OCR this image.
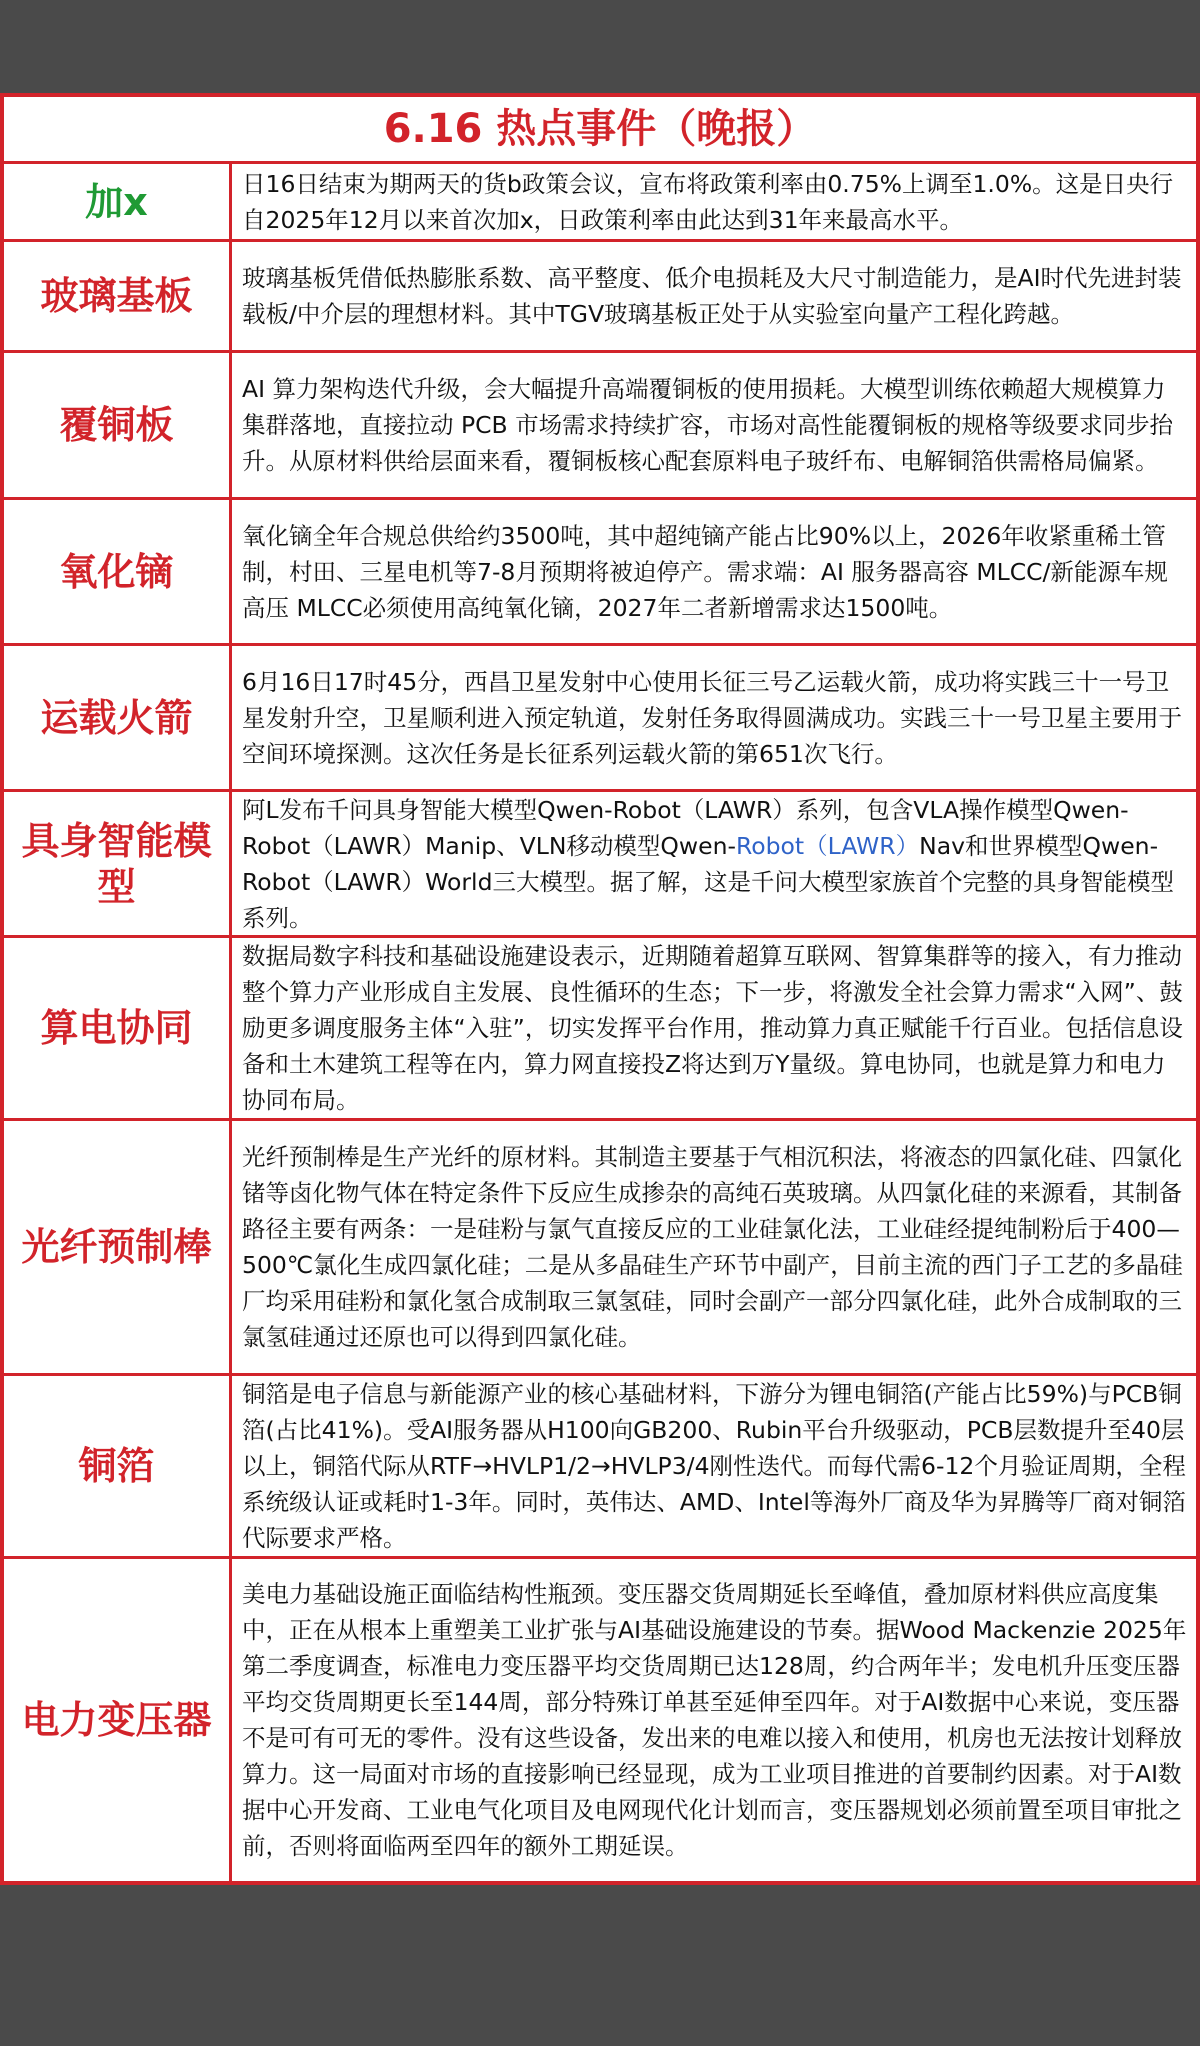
6.16 热点事件（晚报）
加x	日16日结束为期两天的货b政策会议，宣布将政策利率由0.75%上调至1.0%。这是日央行自2025年12月以来首次加x，日政策利率由此达到31年来最高水平。
玻璃基板	玻璃基板凭借低热膨胀系数、高平整度、低介电损耗及大尺寸制造能力，是AI时代先进封装载板/中介层的理想材料。其中TGV玻璃基板正处于从实验室向量产工程化跨越。
覆铜板
AI 算力架构迭代升级，会大幅提升高端覆铜板的使用损耗。大模型训练依赖超大规模算力集群落地，直接拉动 PCB 市场需求持续扩容，市场对高性能覆铜板的规格等级要求同步抬升。从原材料供给层面来看，覆铜板核心配套原料电子玻纤布、电解铜箔供需格局偏紧。
氧化镝
氧化镝全年合规总供给约3500吨，其中超纯镝产能占比90%以上，2026年收紧重稀土管制，村田、三星电机等7-8月预期将被迫停产。需求端：AI 服务器高容 MLCC/新能源车规高压 MLCC必须使用高纯氧化镝，2027年二者新增需求达1500吨。
运载火箭
6月16日17时45分，西昌卫星发射中心使用长征三号乙运载火箭，成功将实践三十一号卫星发射升空，卫星顺利进入预定轨道，发射任务取得圆满成功。实践三十一号卫星主要用于空间环境探测。这次任务是长征系列运载火箭的第651次飞行。
具身智能模型
阿L发布千问具身智能大模型Qwen-Robot（LAWR）系列，包含VLA操作模型Qwen-Robot（LAWR）Manip、VLN移动模型Qwen-Robot（LAWR）Nav和世界模型Qwen-Robot（LAWR）World三大模型。据了解，这是千问大模型家族首个完整的具身智能模型系列。
算电协同
数据局数字科技和基础设施建设表示，近期随着超算互联网、智算集群等的接入，有力推动整个算力产业形成自主发展、良性循环的生态；下一步，将激发全社会算力需求“入网”、鼓励更多调度服务主体“入驻”，切实发挥平台作用，推动算力真正赋能千行百业。包括信息设备和土木建筑工程等在内，算力网直接投Z将达到万Y量级。算电协同，也就是算力和电力协同布局。
光纤预制棒
光纤预制棒是生产光纤的原材料。其制造主要基于气相沉积法，将液态的四氯化硅、四氯化锗等卤化物气体在特定条件下反应生成掺杂的高纯石英玻璃。从四氯化硅的来源看，其制备路径主要有两条：一是硅粉与氯气直接反应的工业硅氯化法，工业硅经提纯制粉后于400—500℃氯化生成四氯化硅；二是从多晶硅生产环节中副产，目前主流的西门子工艺的多晶硅厂均采用硅粉和氯化氢合成制取三氯氢硅，同时会副产一部分四氯化硅，此外合成制取的三氯氢硅通过还原也可以得到四氯化硅。
铜箔
铜箔是电子信息与新能源产业的核心基础材料，下游分为锂电铜箔(产能占比59%)与PCB铜箔(占比41%)。受AI服务器从H100向GB200、Rubin平台升级驱动，PCB层数提升至40层以上，铜箔代际从RTF→HVLP1/2→HVLP3/4刚性迭代。而每代需6-12个月验证周期，全程系统级认证或耗时1-3年。同时，英伟达、AMD、Intel等海外厂商及华为昇腾等厂商对铜箔代际要求严格。
电力变压器
美电力基础设施正面临结构性瓶颈。变压器交货周期延长至峰值，叠加原材料供应高度集中，正在从根本上重塑美工业扩张与AI基础设施建设的节奏。据Wood Mackenzie 2025年第二季度调查，标准电力变压器平均交货周期已达128周，约合两年半；发电机升压变压器平均交货周期更长至144周，部分特殊订单甚至延伸至四年。对于AI数据中心来说，变压器不是可有可无的零件。没有这些设备，发出来的电难以接入和使用，机房也无法按计划释放算力。这一局面对市场的直接影响已经显现，成为工业项目推进的首要制约因素。对于AI数据中心开发商、工业电气化项目及电网现代化计划而言，变压器规划必须前置至项目审批之前，否则将面临两至四年的额外工期延误。
